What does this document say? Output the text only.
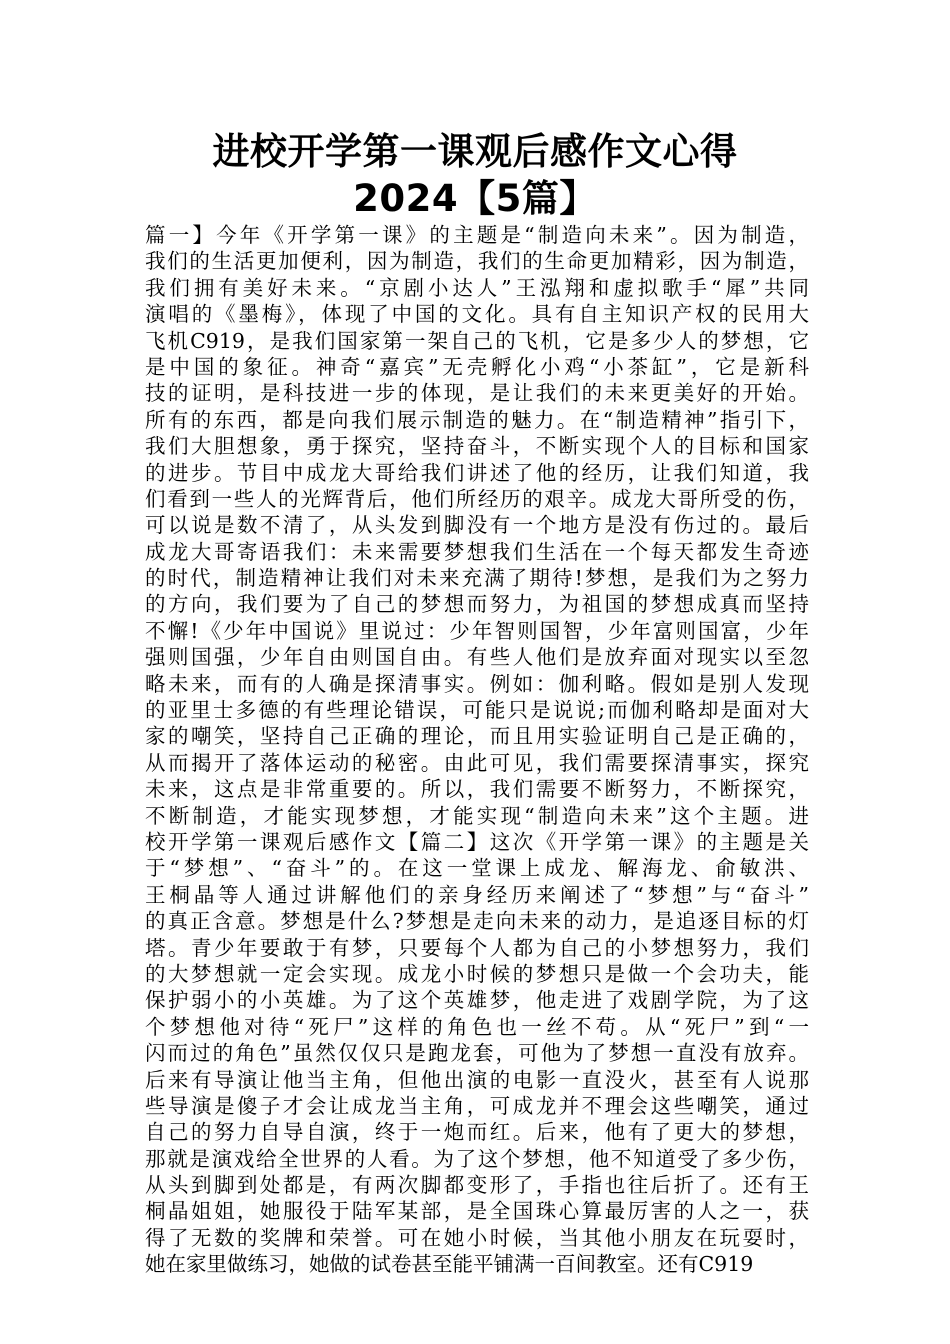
进校开学第一课观后感作文心得
2024【5篇】
篇一】今年《开学第一课》的主题是“制造向未来”。因为制造，
我们的生活更加便利，因为制造，我们的生命更加精彩，因为制造，
我们拥有美好未来。“京剧小达人”王泓翔和虚拟歌手“犀”共同
演唱的《墨梅》，体现了中国的文化。具有自主知识产权的民用大
飞机C919，是我们国家第一架自己的飞机，它是多少人的梦想，它
是中国的象征。神奇“嘉宾”无壳孵化小鸡“小茶缸”，它是新科
技的证明，是科技进一步的体现，是让我们的未来更美好的开始。
所有的东西，都是向我们展示制造的魅力。在“制造精神”指引下，
我们大胆想象，勇于探究，坚持奋斗，不断实现个人的目标和国家
的进步。节目中成龙大哥给我们讲述了他的经历，让我们知道，我
们看到一些人的光辉背后，他们所经历的艰辛。成龙大哥所受的伤，
可以说是数不清了，从头发到脚没有一个地方是没有伤过的。最后
成龙大哥寄语我们：未来需要梦想我们生活在一个每天都发生奇迹
的时代，制造精神让我们对未来充满了期待!梦想，是我们为之努力
的方向，我们要为了自己的梦想而努力，为祖国的梦想成真而坚持
不懈!《少年中国说》里说过：少年智则国智，少年富则国富，少年
强则国强，少年自由则国自由。有些人他们是放弃面对现实以至忽
略未来，而有的人确是探清事实。例如：伽利略。假如是别人发现
的亚里士多德的有些理论错误，可能只是说说;而伽利略却是面对大
家的嘲笑，坚持自己正确的理论，而且用实验证明自己是正确的，
从而揭开了落体运动的秘密。由此可见，我们需要探清事实，探究
未来，这点是非常重要的。所以，我们需要不断努力，不断探究，
不断制造，才能实现梦想，才能实现“制造向未来”这个主题。进
校开学第一课观后感作文【篇二】这次《开学第一课》的主题是关
于“梦想”、“奋斗”的。在这一堂课上成龙、解海龙、俞敏洪、
王桐晶等人通过讲解他们的亲身经历来阐述了“梦想”与“奋斗”
的真正含意。梦想是什么?梦想是走向未来的动力，是追逐目标的灯
塔。青少年要敢于有梦，只要每个人都为自己的小梦想努力，我们
的大梦想就一定会实现。成龙小时候的梦想只是做一个会功夫，能
保护弱小的小英雄。为了这个英雄梦，他走进了戏剧学院，为了这
个梦想他对待“死尸”这样的角色也一丝不苟。从“死尸”到“一
闪而过的角色”虽然仅仅只是跑龙套，可他为了梦想一直没有放弃。
后来有导演让他当主角，但他出演的电影一直没火，甚至有人说那
些导演是傻子才会让成龙当主角，可成龙并不理会这些嘲笑，通过
自己的努力自导自演，终于一炮而红。后来，他有了更大的梦想，
那就是演戏给全世界的人看。为了这个梦想，他不知道受了多少伤，
从头到脚到处都是，有两次脚都变形了，手指也往后折了。还有王
桐晶姐姐，她服役于陆军某部，是全国珠心算最厉害的人之一，获
得了无数的奖牌和荣誉。可在她小时候，当其他小朋友在玩耍时，
她在家里做练习，她做的试卷甚至能平铺满一百间教室。还有C919
